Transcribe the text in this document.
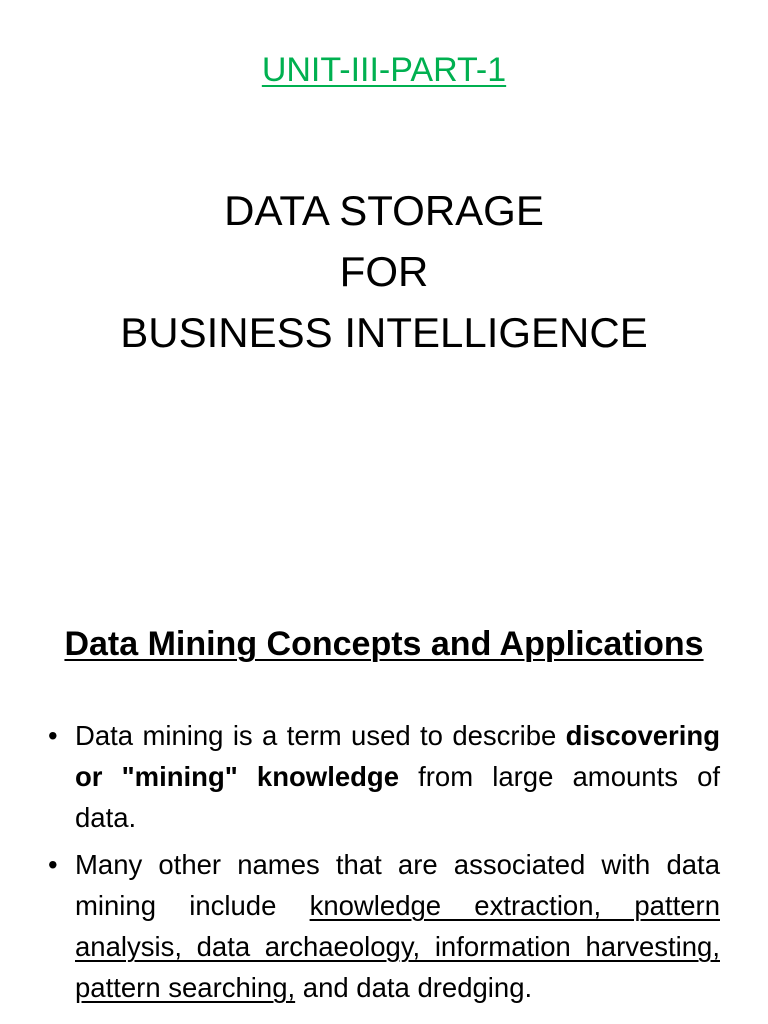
UNIT-III-PART-1
DATA STORAGE
FOR
BUSINESS INTELLIGENCE
Data Mining Concepts and Applications
• Data mining is a term used to describe discovering or "mining" knowledge from large amounts of data.
• Many other names that are associated with data mining include knowledge extraction, pattern analysis, data archaeology, information harvesting, pattern searching, and data dredging.
